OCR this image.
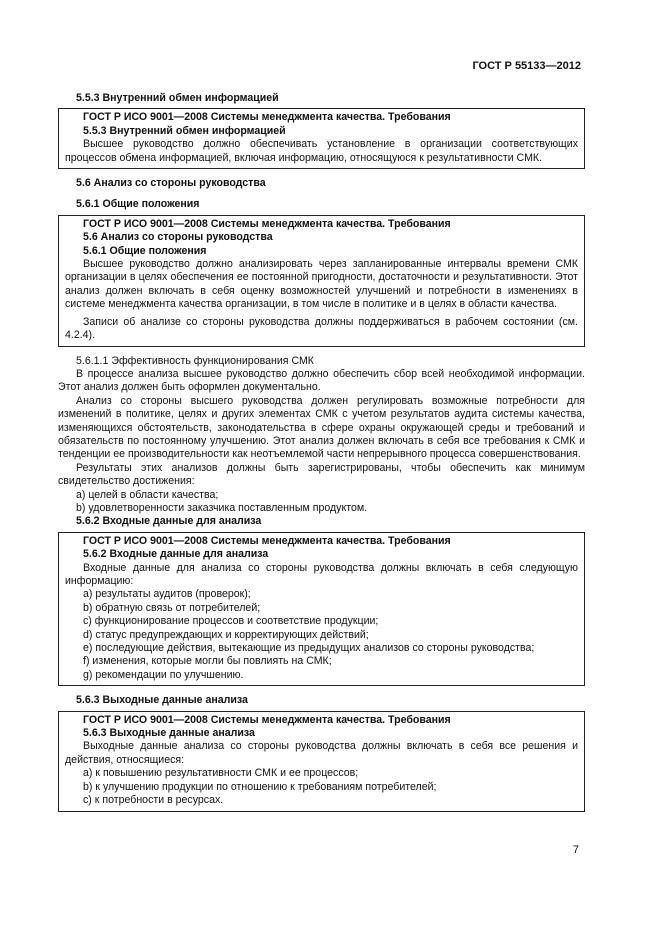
ГОСТ Р 55133—2012
5.5.3 Внутренний обмен информацией
ГОСТ Р ИСО 9001—2008 Системы менеджмента качества. Требования
5.5.3 Внутренний обмен информацией
Высшее руководство должно обеспечивать установление в организации соответствующих процессов обмена информацией, включая информацию, относящуюся к результативности СМК.
5.6 Анализ со стороны руководства
5.6.1 Общие положения
ГОСТ Р ИСО 9001—2008 Системы менеджмента качества. Требования
5.6 Анализ со стороны руководства
5.6.1 Общие положения
Высшее руководство должно анализировать через запланированные интервалы времени СМК организации в целях обеспечения ее постоянной пригодности, достаточности и результативности. Этот анализ должен включать в себя оценку возможностей улучшений и потребности в изменениях в системе менеджмента качества организации, в том числе в политике и в целях в области качества.
Записи об анализе со стороны руководства должны поддерживаться в рабочем состоянии (см. 4.2.4).
5.6.1.1 Эффективность функционирования СМК
В процессе анализа высшее руководство должно обеспечить сбор всей необходимой информации. Этот анализ должен быть оформлен документально.
Анализ со стороны высшего руководства должен регулировать возможные потребности для изменений в политике, целях и других элементах СМК с учетом результатов аудита системы качества, изменяющихся обстоятельств, законодательства в сфере охраны окружающей среды и требований и обязательств по постоянному улучшению. Этот анализ должен включать в себя все требования к СМК и тенденции ее производительности как неотъемлемой части непрерывного процесса совершенствования.
Результаты этих анализов должны быть зарегистрированы, чтобы обеспечить как минимум свидетельство достижения:
а) целей в области качества;
b) удовлетворенности заказчика поставленным продуктом.
5.6.2 Входные данные для анализа
ГОСТ Р ИСО 9001—2008 Системы менеджмента качества. Требования
5.6.2 Входные данные для анализа
Входные данные для анализа со стороны руководства должны включать в себя следующую информацию:
а) результаты аудитов (проверок);
b) обратную связь от потребителей;
c) функционирование процессов и соответствие продукции;
d) статус предупреждающих и корректирующих действий;
e) последующие действия, вытекающие из предыдущих анализов со стороны руководства;
f) изменения, которые могли бы повлиять на СМК;
g) рекомендации по улучшению.
5.6.3 Выходные данные анализа
ГОСТ Р ИСО 9001—2008 Системы менеджмента качества. Требования
5.6.3 Выходные данные анализа
Выходные данные анализа со стороны руководства должны включать в себя все решения и действия, относящиеся:
a) к повышению результативности СМК и ее процессов;
b) к улучшению продукции по отношению к требованиям потребителей;
c) к потребности в ресурсах.
7
